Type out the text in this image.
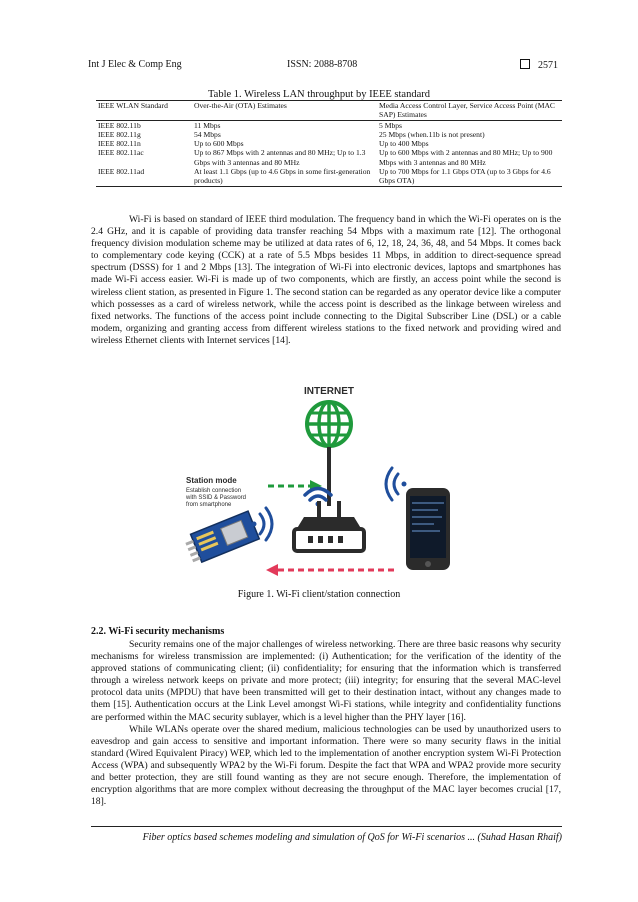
Int J Elec & Comp Eng	ISSN: 2088-8708	2571
Table 1. Wireless LAN throughput by IEEE standard
IEEE WLAN Standard	Over-the-Air (OTA) Estimates	Media Access Control Layer, Service Access Point (MAC SAP) Estimates
IEEE 802.11b	11 Mbps	5 Mbps
IEEE 802.11g	54 Mbps	25 Mbps (when.11b is not present)
IEEE 802.11n	Up to 600 Mbps	Up to 400 Mbps
IEEE 802.11ac	Up to 867 Mbps with 2 antennas and 80 MHz; Up to 1.3 Gbps with 3 antennas and 80 MHz	Up to 600 Mbps with 2 antennas and 80 MHz; Up to 900 Mbps with 3 antennas and 80 MHz
IEEE 802.11ad	At least 1.1 Gbps (up to 4.6 Gbps in some first-generation products)	Up to 700 Mbps for 1.1 Gbps OTA (up to 3 Gbps for 4.6 Gbps OTA)
Wi-Fi is based on standard of IEEE third modulation. The frequency band in which the Wi-Fi operates on is the 2.4 GHz, and it is capable of providing data transfer reaching 54 Mbps with a maximum rate [12]. The orthogonal frequency division modulation scheme may be utilized at data rates of 6, 12, 18, 24, 36, 48, and 54 Mbps. It comes back to complementary code keying (CCK) at a rate of 5.5 Mbps besides 11 Mbps, in addition to direct-sequence spread spectrum (DSSS) for 1 and 2 Mbps [13]. The integration of Wi-Fi into electronic devices, laptops and smartphones has made Wi-Fi access easier. Wi-Fi is made up of two components, which are firstly, an access point while the second is wireless client station, as presented in Figure 1. The second station can be regarded as any operator device like a computer which possesses as a card of wireless network, while the access point is described as the linkage between wireless and fixed networks. The functions of the access point include connecting to the Digital Subscriber Line (DSL) or a cable modem, organizing and granting access from different wireless stations to the fixed network and providing wired and wireless Ethernet clients with Internet services [14].
INTERNET
Station mode
Establish connection
with SSID & Password
from smartphone
Figure 1. Wi-Fi client/station connection
2.2. Wi-Fi security mechanisms

Security remains one of the major challenges of wireless networking. There are three basic reasons why security mechanisms for wireless transmission are implemented: (i) Authentication; for the verification of the identity of the approved stations of communicating client; (ii) confidentiality; for ensuring that the information which is transferred through a wireless network keeps on private and more protect; (iii) integrity; for ensuring that the several MAC-level protocol data units (MPDU) that have been transmitted will get to their destination intact, without any changes made to them [15]. Authentication occurs at the Link Level amongst Wi-Fi stations, while integrity and confidentiality functions are performed within the MAC security sublayer, which is a level higher than the PHY layer [16].

While WLANs operate over the shared medium, malicious technologies can be used by unauthorized users to eavesdrop and gain access to sensitive and important information. There were so many security flaws in the initial standard (Wired Equivalent Piracy) WEP, which led to the implementation of another encryption system Wi-Fi Protection Access (WPA) and subsequently WPA2 by the Wi-Fi forum. Despite the fact that WPA and WPA2 provide more security and better protection, they are still found wanting as they are not secure enough. Therefore, the implementation of encryption algorithms that are more complex without decreasing the throughput of the MAC layer becomes crucial [17, 18].

Fiber optics based schemes modeling and simulation of QoS for Wi-Fi scenarios ... (Suhad Hasan Rhaif)
